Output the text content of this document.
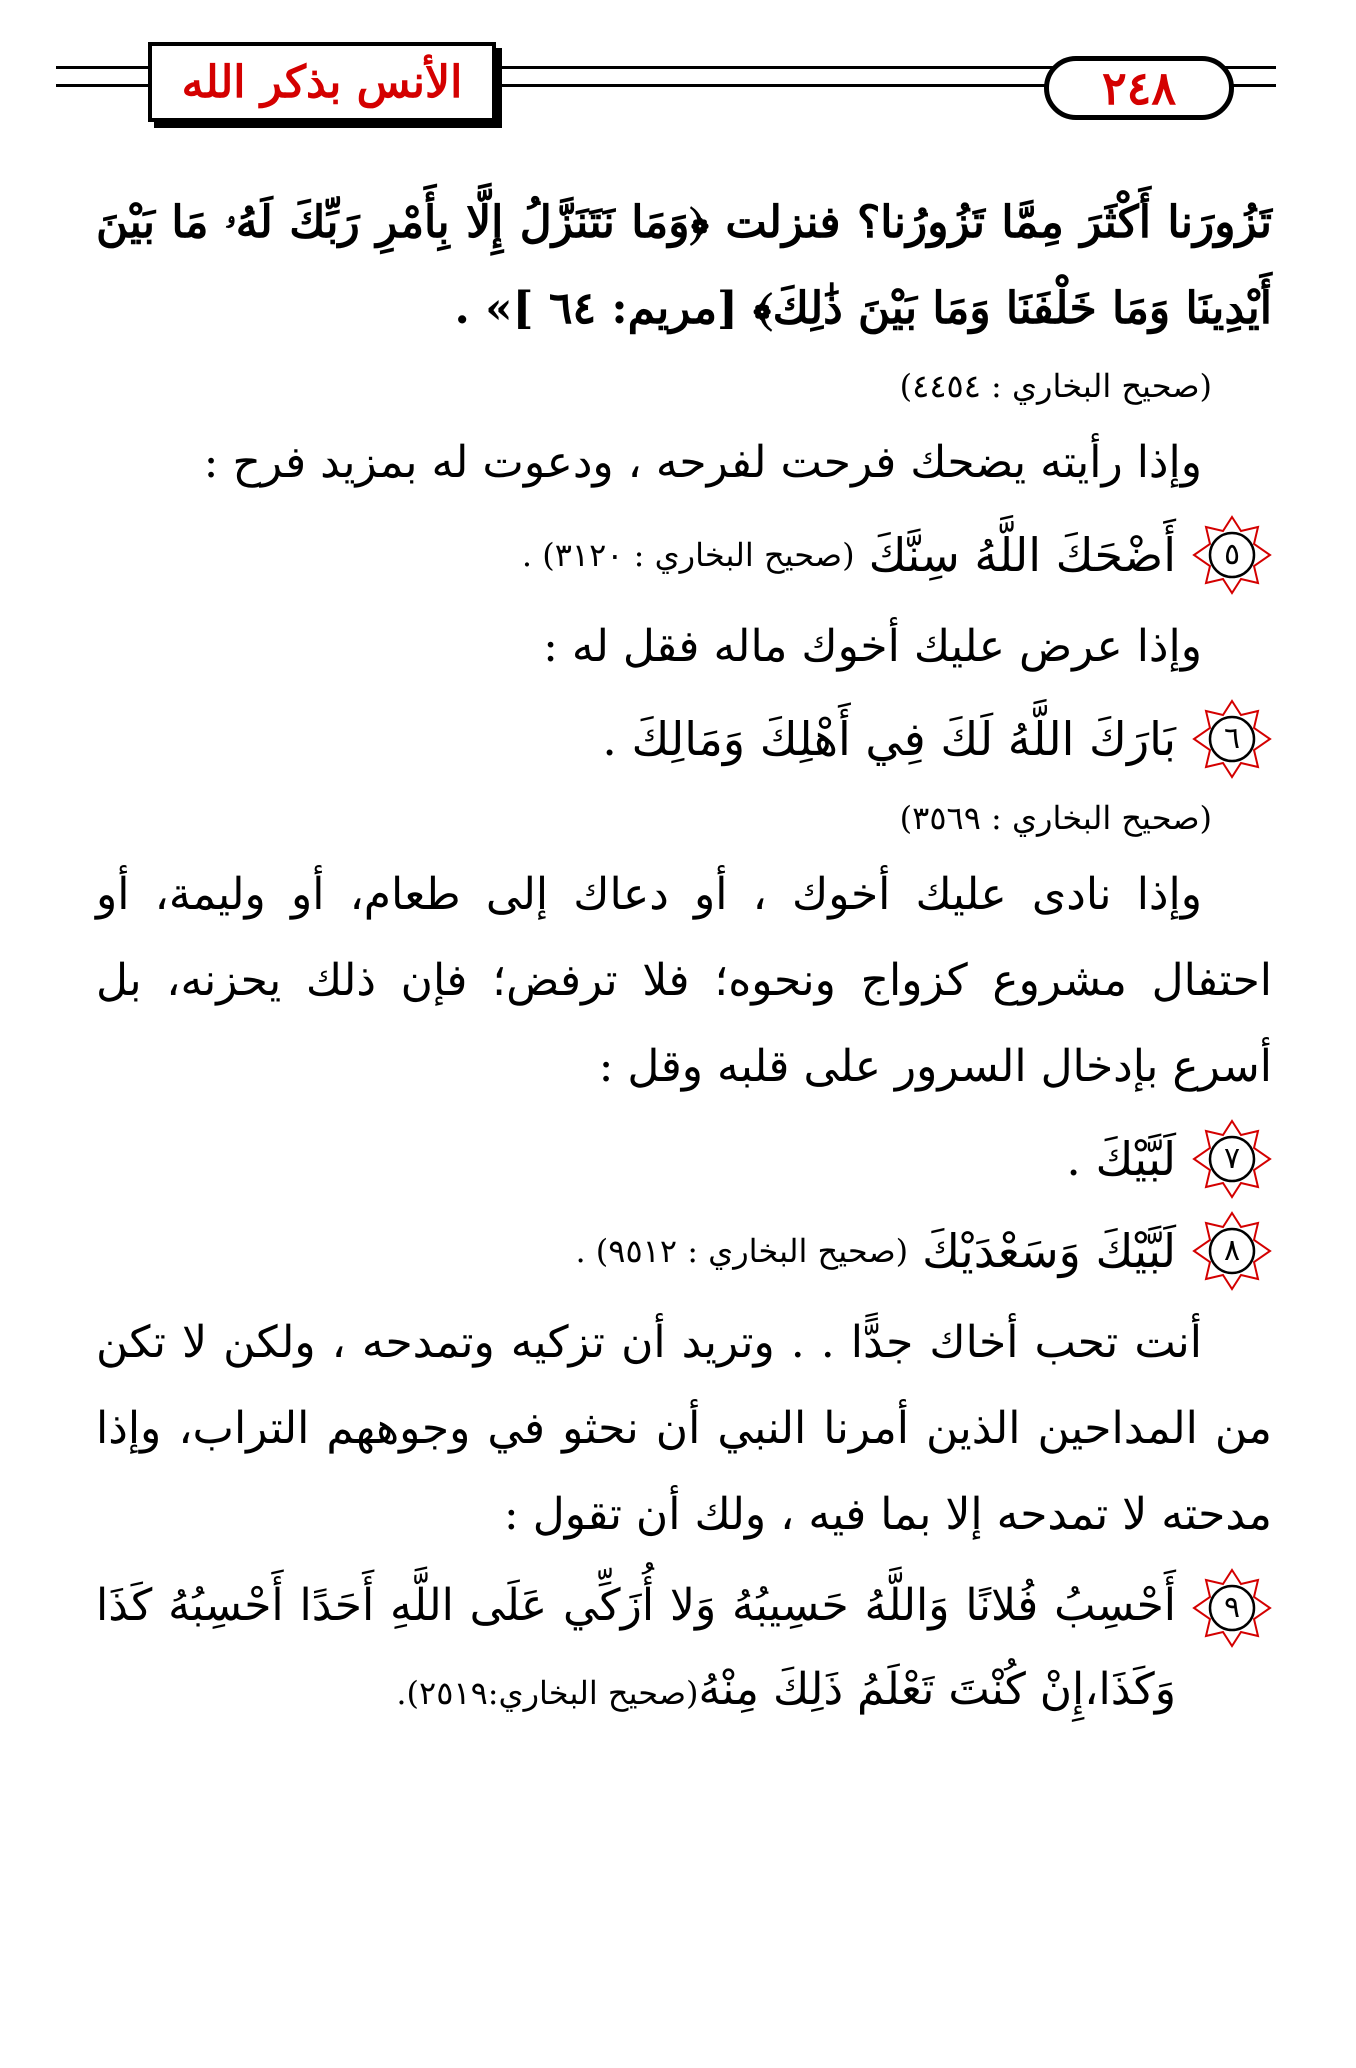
الأنس بذكر الله	٢٤٨

تَزُورَنا أَكْثَرَ مِمَّا تَزُورُنا؟ فنزلت ﴿وَمَا نَتَنَزَّلُ إِلَّا بِأَمْرِ رَبِّكَ لَهُۥ مَا بَيْنَ أَيْدِينَا وَمَا خَلْفَنَا وَمَا بَيْنَ ذَٰلِكَ﴾ [مريم: ٦٤ ]» .

(صحيح البخاري : ٤٤٥٤)

وإذا رأيته يضحك فرحت لفرحه ، ودعوت له بمزيد فرح :

٥
أَضْحَكَ اللَّهُ سِنَّكَ
(صحيح البخاري : ٣١٢٠) .

وإذا عرض عليك أخوك ماله فقل له :

٦
بَارَكَ اللَّهُ لَكَ فِي أَهْلِكَ وَمَالِكَ .
(صحيح البخاري : ٣٥٦٩)

وإذا نادى عليك أخوك ، أو دعاك إلى طعام، أو وليمة، أو احتفال مشروع كزواج ونحوه؛ فلا ترفض؛ فإن ذلك يحزنه، بل أسرع بإدخال السرور على قلبه وقل :

٧
لَبَّيْكَ .
٨
لَبَّيْكَ وَسَعْدَيْكَ
(صحيح البخاري : ٩٥١٢) .

أنت تحب أخاك جدًّا . . وتريد أن تزكيه وتمدحه ، ولكن لا تكن من المداحين الذين أمرنا النبي أن نحثو في وجوههم التراب، وإذا مدحته لا تمدحه إلا بما فيه ، ولك أن تقول :

٩
أَحْسِبُ فُلانًا وَاللَّهُ حَسِيبُهُ وَلا أُزَكِّي عَلَى اللَّهِ أَحَدًا أَحْسِبُهُ كَذَا وَكَذَا،إِنْ كُنْتَ تَعْلَمُ ذَلِكَ مِنْهُ(صحيح البخاري:٢٥١٩).
